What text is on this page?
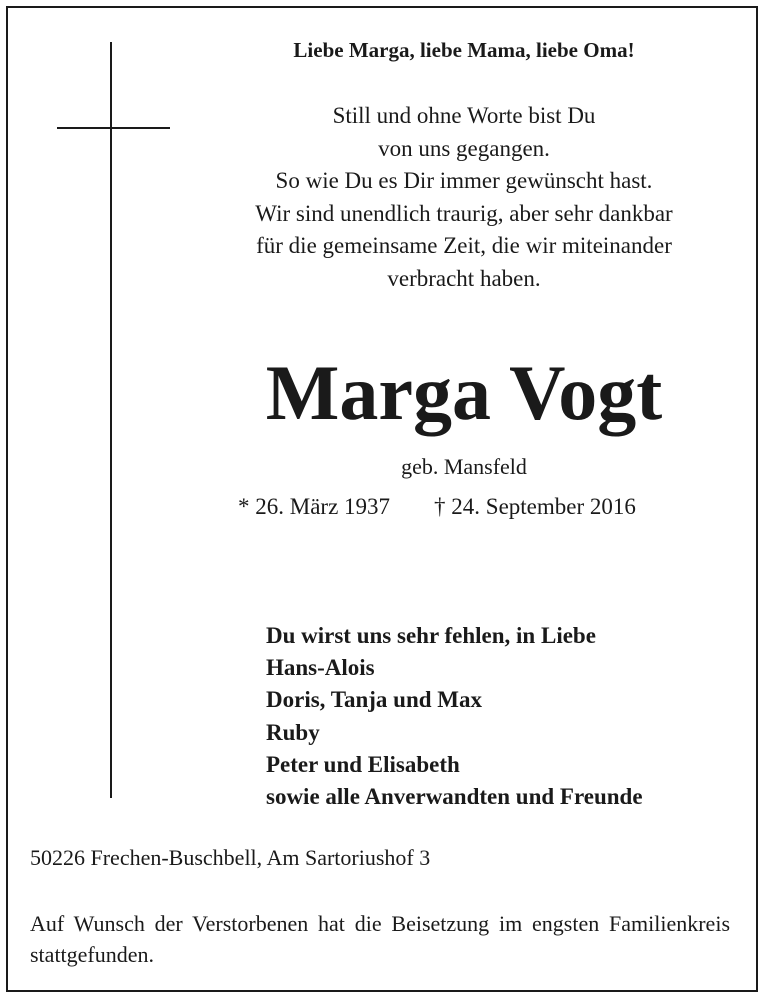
Liebe Marga, liebe Mama, liebe Oma!
Still und ohne Worte bist Du
von uns gegangen.
So wie Du es Dir immer gewünscht hast.
Wir sind unendlich traurig, aber sehr dankbar
für die gemeinsame Zeit, die wir miteinander
verbracht haben.
Marga Vogt
geb. Mansfeld
* 26. März 1937 † 24. September 2016
Du wirst uns sehr fehlen, in Liebe
Hans-Alois
Doris, Tanja und Max
Ruby
Peter und Elisabeth
sowie alle Anverwandten und Freunde
50226 Frechen-Buschbell, Am Sartoriushof 3
Auf Wunsch der Verstorbenen hat die Beisetzung im engsten Familienkreis stattgefunden.
